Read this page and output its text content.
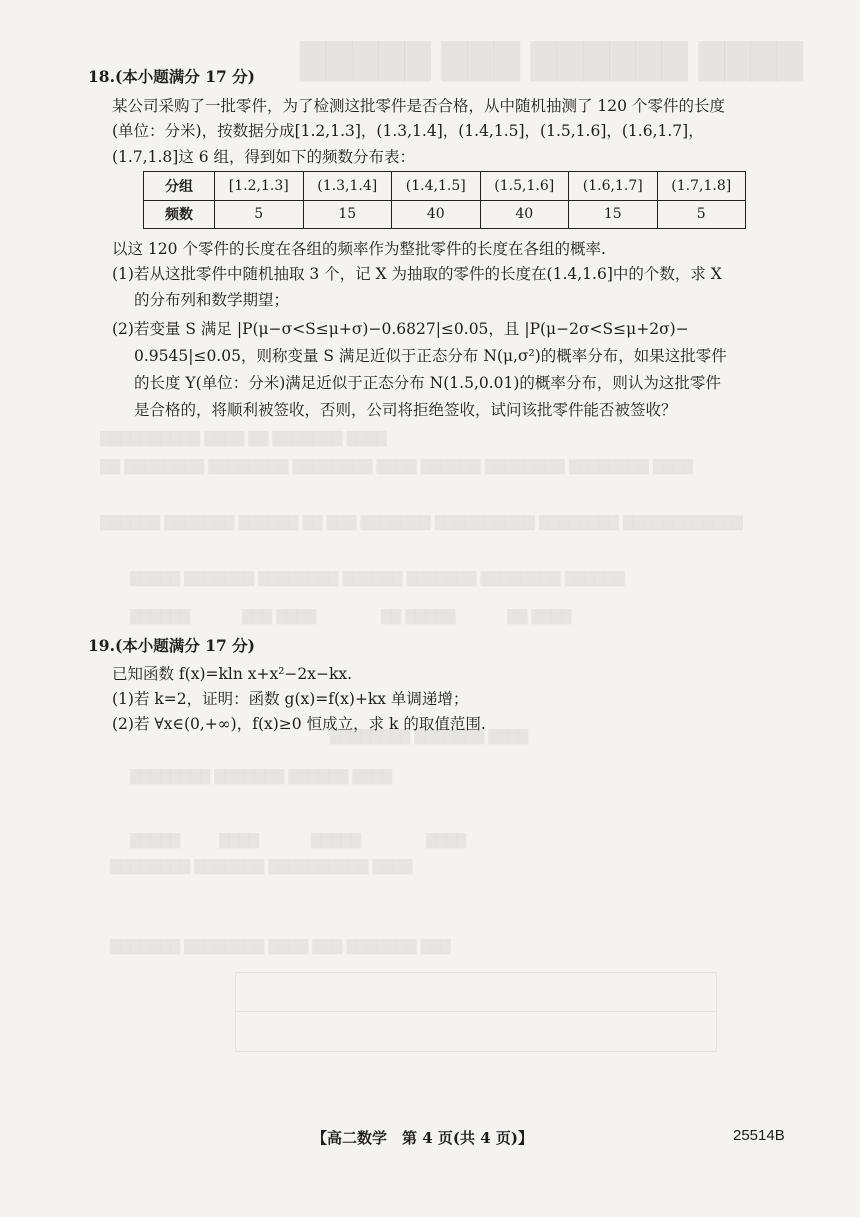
█████ ███ ██████ ████
██████████ ████ ██ ███████ ████
██ ████████ ████████ ████████ ████ ██████ ████████ ████████ ████
██████ ███████ ██████ ██ ███ ███████ ██████████ ████████ ████████████
█████ ███████ ████████ ██████ ███████ ████████ ██████
██████　　　　███ ████　　　　　██ █████　　　　██ ████
████████ ███████ ████
████████ ███████ ██████ ████
█████　　　████　　　　█████　　　　　████
████████ ███████ ██████████ ████
███████ ████████ ████ ███ ███████ ███
18.(本小题满分 17 分)
某公司采购了一批零件，为了检测这批零件是否合格，从中随机抽测了 120 个零件的长度
(单位：分米)，按数据分成[1.2,1.3]，(1.3,1.4]，(1.4,1.5]，(1.5,1.6]，(1.6,1.7]，
(1.7,1.8]这 6 组，得到如下的频数分布表：
分组	[1.2,1.3]	(1.3,1.4]	(1.4,1.5]	(1.5,1.6]	(1.6,1.7]	(1.7,1.8]
频数	5	15	40	40	15	5
以这 120 个零件的长度在各组的频率作为整批零件的长度在各组的概率.
(1)若从这批零件中随机抽取 3 个，记 X 为抽取的零件的长度在(1.4,1.6]中的个数，求 X
的分布列和数学期望；
(2)若变量 S 满足 |P(μ−σ<S≤μ+σ)−0.6827|≤0.05，且 |P(μ−2σ<S≤μ+2σ)−
0.9545|≤0.05，则称变量 S 满足近似于正态分布 N(μ,σ²)的概率分布，如果这批零件
的长度 Y(单位：分米)满足近似于正态分布 N(1.5,0.01)的概率分布，则认为这批零件
是合格的，将顺利被签收，否则，公司将拒绝签收，试问该批零件能否被签收？
19.(本小题满分 17 分)
已知函数 f(x)=kln x+x²−2x−kx.
(1)若 k=2，证明：函数 g(x)=f(x)+kx 单调递增；
(2)若 ∀x∈(0,+∞)，f(x)≥0 恒成立，求 k 的取值范围.
【高二数学　第 4 页(共 4 页)】	25514B
